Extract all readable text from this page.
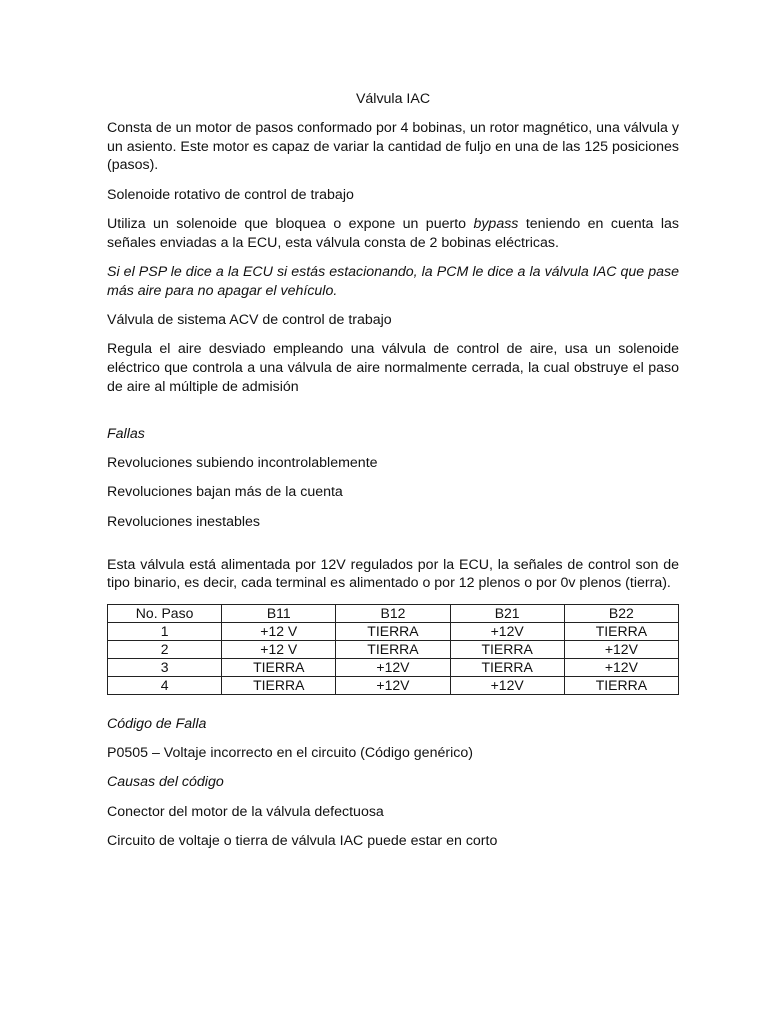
Válvula IAC

Consta de un motor de pasos conformado por 4 bobinas, un rotor magnético, una válvula y un asiento. Este motor es capaz de variar la cantidad de fuljo en una de las 125 posiciones (pasos).

Solenoide rotativo de control de trabajo

Utiliza un solenoide que bloquea o expone un puerto bypass teniendo en cuenta las señales enviadas a la ECU, esta válvula consta de 2 bobinas eléctricas.

Si el PSP le dice a la ECU si estás estacionando, la PCM le dice a la válvula IAC que pase más aire para no apagar el vehículo.

Válvula de sistema ACV de control de trabajo

Regula el aire desviado empleando una válvula de control de aire, usa un solenoide eléctrico que controla a una válvula de aire normalmente cerrada, la cual obstruye el paso de aire al múltiple de admisión

Fallas

Revoluciones subiendo incontrolablemente

Revoluciones bajan más de la cuenta

Revoluciones inestables

Esta válvula está alimentada por 12V regulados por la ECU, la señales de control son de tipo binario, es decir, cada terminal es alimentado o por 12 plenos o por 0v plenos (tierra).

No. Paso	B11	B12	B21	B22
1	+12 V	TIERRA	+12V	TIERRA
2	+12 V	TIERRA	TIERRA	+12V
3	TIERRA	+12V	TIERRA	+12V
4	TIERRA	+12V	+12V	TIERRA

Código de Falla

P0505 – Voltaje incorrecto en el circuito (Código genérico)

Causas del código

Conector del motor de la válvula defectuosa

Circuito de voltaje o tierra de válvula IAC puede estar en corto
